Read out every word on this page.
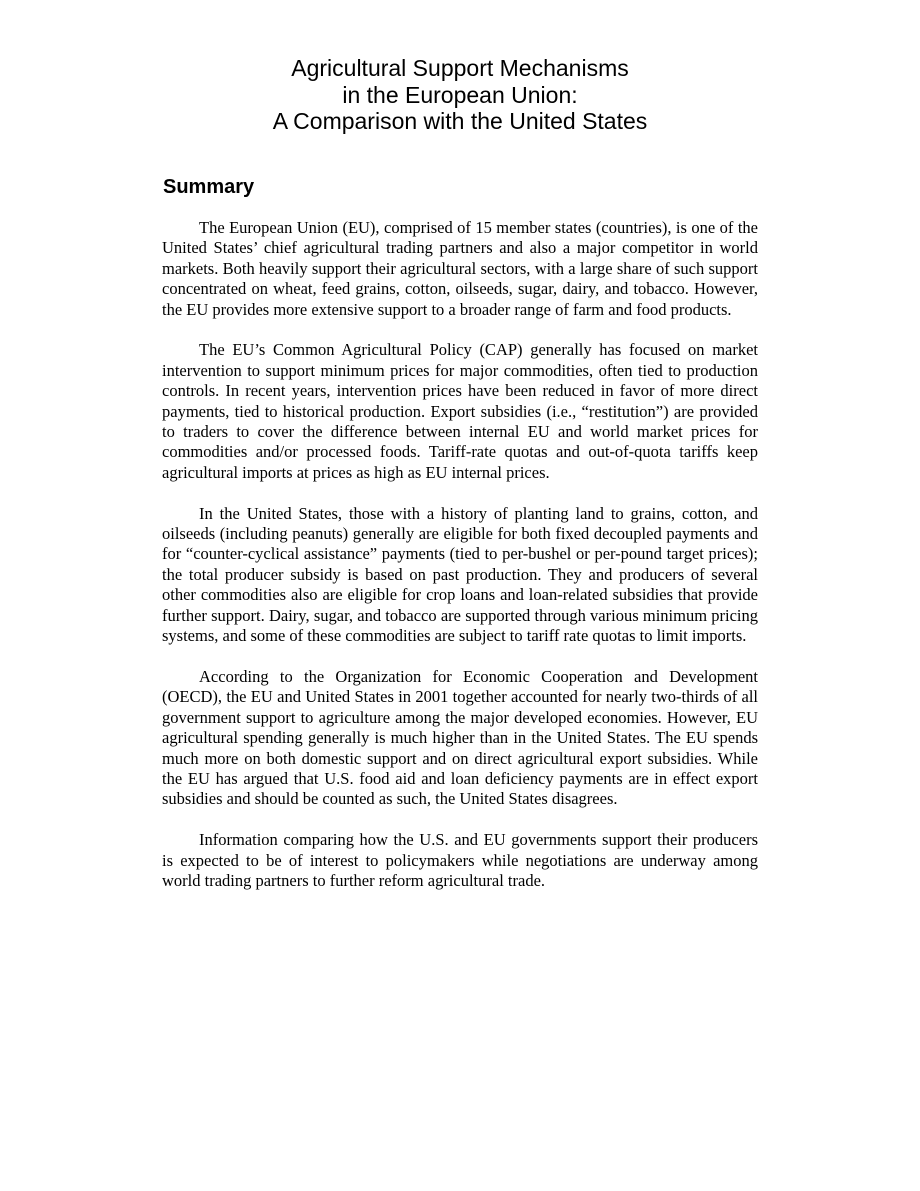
Agricultural Support Mechanisms
in the European Union:
A Comparison with the United States
Summary

The European Union (EU), comprised of 15 member states (countries), is one of the United States’ chief agricultural trading partners and also a major competitor in world markets. Both heavily support their agricultural sectors, with a large share of such support concentrated on wheat, feed grains, cotton, oilseeds, sugar, dairy, and tobacco. However, the EU provides more extensive support to a broader range of farm and food products.

The EU’s Common Agricultural Policy (CAP) generally has focused on market intervention to support minimum prices for major commodities, often tied to production controls. In recent years, intervention prices have been reduced in favor of more direct payments, tied to historical production. Export subsidies (i.e., “restitution”) are provided to traders to cover the difference between internal EU and world market prices for commodities and/or processed foods. Tariff-rate quotas and out-of-quota tariffs keep agricultural imports at prices as high as EU internal prices.

In the United States, those with a history of planting land to grains, cotton, and oilseeds (including peanuts) generally are eligible for both fixed decoupled payments and for “counter-cyclical assistance” payments (tied to per-bushel or per-pound target prices); the total producer subsidy is based on past production. They and producers of several other commodities also are eligible for crop loans and loan-related subsidies that provide further support. Dairy, sugar, and tobacco are supported through various minimum pricing systems, and some of these commodities are subject to tariff rate quotas to limit imports.

According to the Organization for Economic Cooperation and Development (OECD), the EU and United States in 2001 together accounted for nearly two-thirds of all government support to agriculture among the major developed economies. However, EU agricultural spending generally is much higher than in the United States. The EU spends much more on both domestic support and on direct agricultural export subsidies. While the EU has argued that U.S. food aid and loan deficiency payments are in effect export subsidies and should be counted as such, the United States disagrees.

Information comparing how the U.S. and EU governments support their producers is expected to be of interest to policymakers while negotiations are underway among world trading partners to further reform agricultural trade.
